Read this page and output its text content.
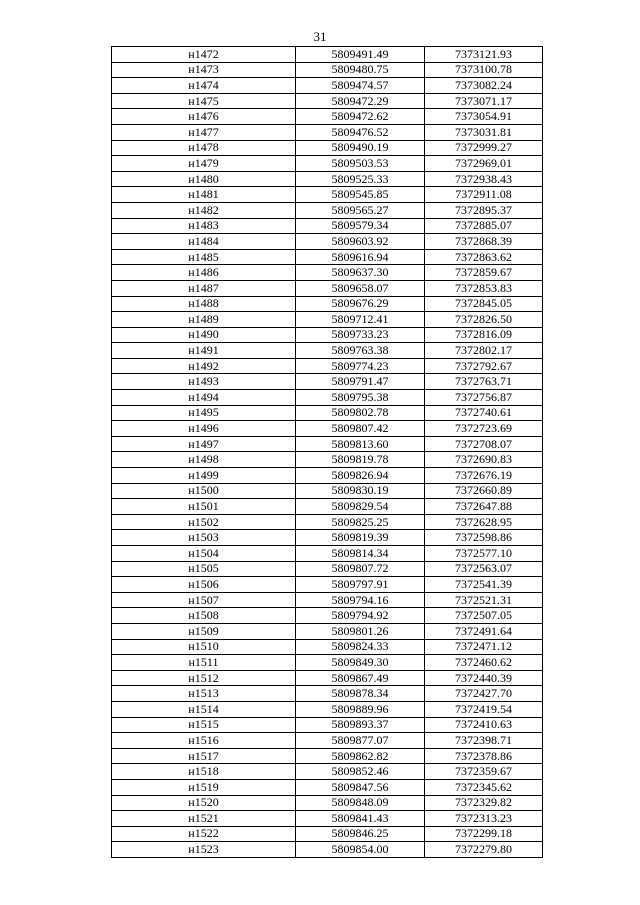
31
н1472	5809491.49	7373121.93
н1473	5809480.75	7373100.78
н1474	5809474.57	7373082.24
н1475	5809472.29	7373071.17
н1476	5809472.62	7373054.91
н1477	5809476.52	7373031.81
н1478	5809490.19	7372999.27
н1479	5809503.53	7372969.01
н1480	5809525.33	7372938.43
н1481	5809545.85	7372911.08
н1482	5809565.27	7372895.37
н1483	5809579.34	7372885.07
н1484	5809603.92	7372868.39
н1485	5809616.94	7372863.62
н1486	5809637.30	7372859.67
н1487	5809658.07	7372853.83
н1488	5809676.29	7372845.05
н1489	5809712.41	7372826.50
н1490	5809733.23	7372816.09
н1491	5809763.38	7372802.17
н1492	5809774.23	7372792.67
н1493	5809791.47	7372763.71
н1494	5809795.38	7372756.87
н1495	5809802.78	7372740.61
н1496	5809807.42	7372723.69
н1497	5809813.60	7372708.07
н1498	5809819.78	7372690.83
н1499	5809826.94	7372676.19
н1500	5809830.19	7372660.89
н1501	5809829.54	7372647.88
н1502	5809825.25	7372628.95
н1503	5809819.39	7372598.86
н1504	5809814.34	7372577.10
н1505	5809807.72	7372563.07
н1506	5809797.91	7372541.39
н1507	5809794.16	7372521.31
н1508	5809794.92	7372507.05
н1509	5809801.26	7372491.64
н1510	5809824.33	7372471.12
н1511	5809849.30	7372460.62
н1512	5809867.49	7372440.39
н1513	5809878.34	7372427.70
н1514	5809889.96	7372419.54
н1515	5809893.37	7372410.63
н1516	5809877.07	7372398.71
н1517	5809862.82	7372378.86
н1518	5809852.46	7372359.67
н1519	5809847.56	7372345.62
н1520	5809848.09	7372329.82
н1521	5809841.43	7372313.23
н1522	5809846.25	7372299.18
н1523	5809854.00	7372279.80
